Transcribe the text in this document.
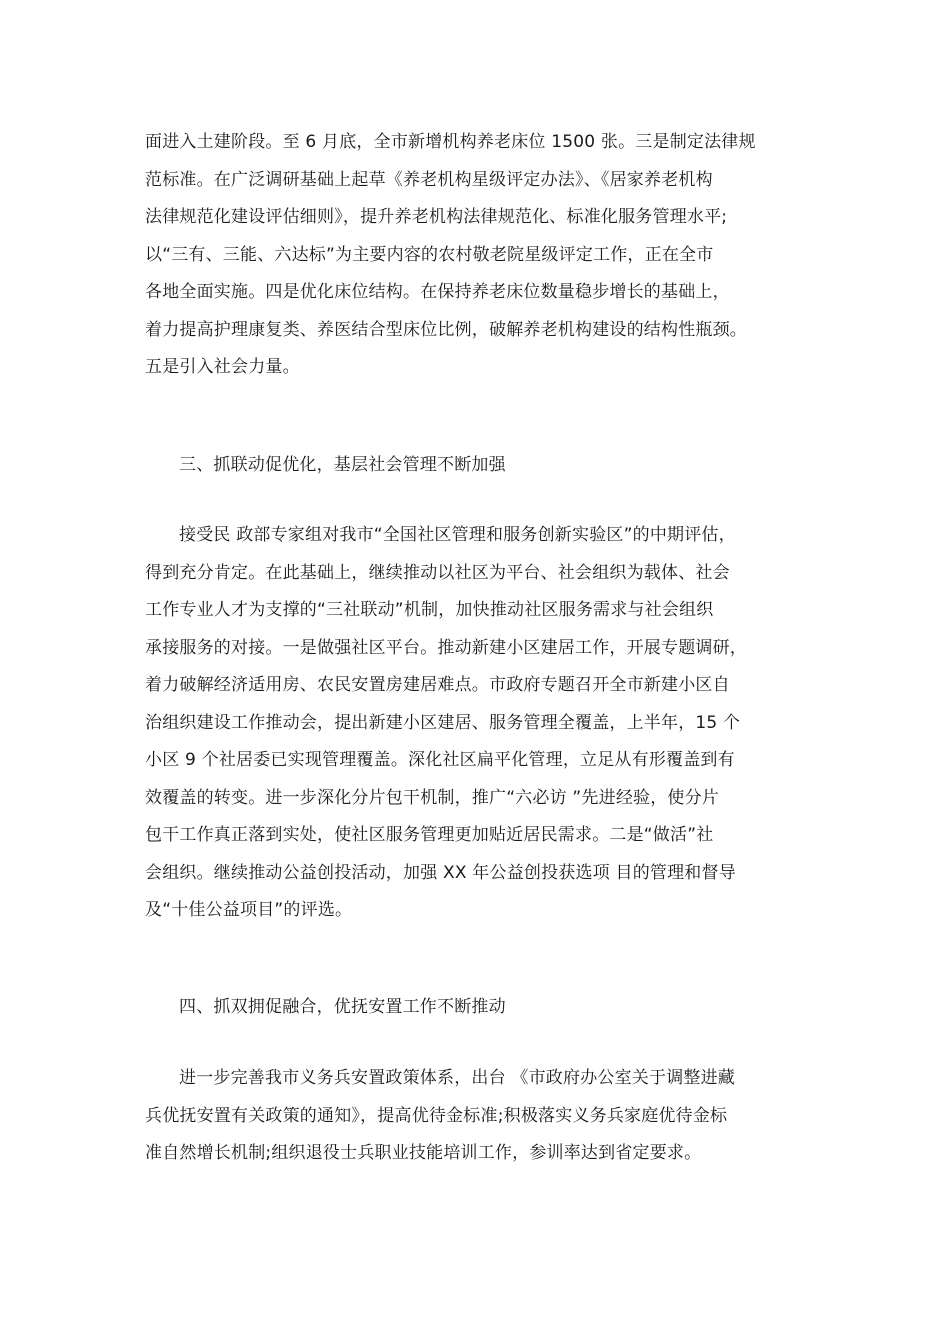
面进入土建阶段。至 6 月底，全市新增机构养老床位 1500 张。三是制定法律规
范标准。在广泛调研基础上起草《养老机构星级评定办法》、《居家养老机构
法律规范化建设评估细则》，提升养老机构法律规范化、标准化服务管理水平;
以“三有、三能、六达标”为主要内容的农村敬老院星级评定工作，正在全市
各地全面实施。四是优化床位结构。在保持养老床位数量稳步增长的基础上，
着力提高护理康复类、养医结合型床位比例，破解养老机构建设的结构性瓶颈。
五是引入社会力量。
三、抓联动促优化，基层社会管理不断加强
接受民 政部专家组对我市“全国社区管理和服务创新实验区”的中期评估，
得到充分肯定。在此基础上，继续推动以社区为平台、社会组织为载体、社会
工作专业人才为支撑的“三社联动”机制，加快推动社区服务需求与社会组织
承接服务的对接。一是做强社区平台。推动新建小区建居工作，开展专题调研，
着力破解经济适用房、农民安置房建居难点。市政府专题召开全市新建小区自
治组织建设工作推动会，提出新建小区建居、服务管理全覆盖，上半年，15 个
小区 9 个社居委已实现管理覆盖。深化社区扁平化管理，立足从有形覆盖到有
效覆盖的转变。进一步深化分片包干机制，推广“六必访 ”先进经验，使分片
包干工作真正落到实处，使社区服务管理更加贴近居民需求。二是“做活”社
会组织。继续推动公益创投活动，加强 XX 年公益创投获选项 目的管理和督导
及“十佳公益项目”的评选。
四、抓双拥促融合，优抚安置工作不断推动
进一步完善我市义务兵安置政策体系，出台 《市政府办公室关于调整进藏
兵优抚安置有关政策的通知》，提高优待金标准;积极落实义务兵家庭优待金标
准自然增长机制;组织退役士兵职业技能培训工作，参训率达到省定要求。
